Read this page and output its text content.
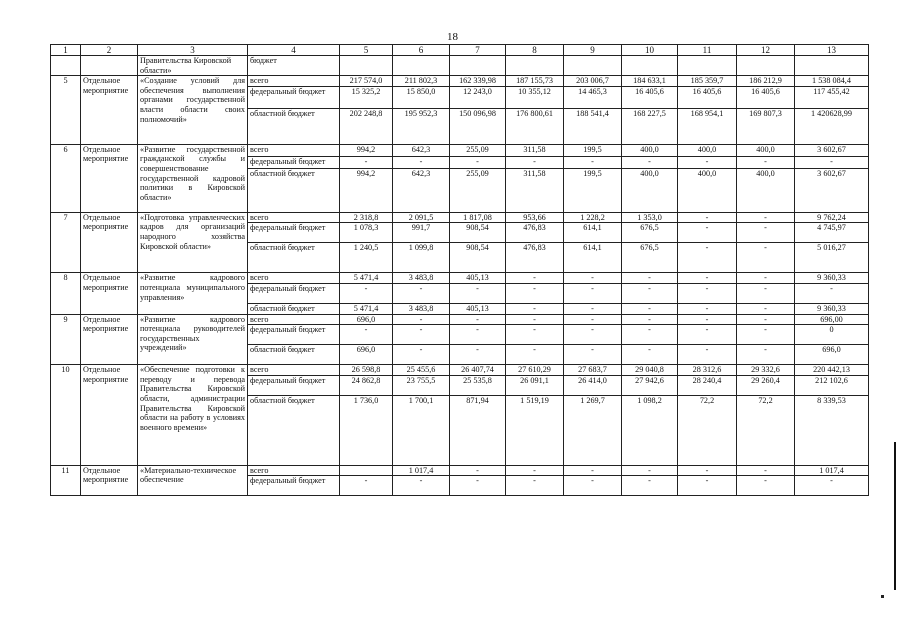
18
1	2	3	4	5	6	7	8	9	10	11	12	13
		Правительства Кировской области»	бюджет									
5	Отдельное мероприятие	«Создание условий для обеспечения выполнения органами государственной власти области своих полномочий»	всего	217 574,0	211 802,3	162 339,98	187 155,73	203 006,7	184 633,1	185 359,7	186 212,9	1 538 084,4
			федеральный бюджет	15 325,2	15 850,0	12 243,0	10 355,12	14 465,3	16 405,6	16 405,6	16 405,6	117 455,42
			областной бюджет	202 248,8	195 952,3	150 096,98	176 800,61	188 541,4	168 227,5	168 954,1	169 807,3	1 420628,99
6	Отдельное мероприятие	«Развитие государственной гражданской службы и совершенствование государственной кадровой политики в Кировской области»	всего	994,2	642,3	255,09	311,58	199,5	400,0	400,0	400,0	3 602,67
			федеральный бюджет	-	-	-	-	-	-	-	-	-
			областной бюджет	994,2	642,3	255,09	311,58	199,5	400,0	400,0	400,0	3 602,67
7	Отдельное мероприятие	«Подготовка управленческих кадров для организаций народного хозяйства Кировской области»	всего	2 318,8	2 091,5	1 817,08	953,66	1 228,2	1 353,0	-	-	9 762,24
			федеральный бюджет	1 078,3	991,7	908,54	476,83	614,1	676,5	-	-	4 745,97
			областной бюджет	1 240,5	1 099,8	908,54	476,83	614,1	676,5	-	-	5 016,27
8	Отдельное мероприятие	«Развитие кадрового потенциала муниципального управления»	всего	5 471,4	3 483,8	405,13	-	-	-	-	-	9 360,33
			федеральный бюджет	-	-	-	-	-	-	-	-	-
			областной бюджет	5 471,4	3 483,8	405,13	-	-	-	-	-	9 360,33
9	Отдельное мероприятие	«Развитие кадрового потенциала руководителей государственных учреждений»	всего	696,0	-	-	-	-	-	-	-	696,00
			федеральный бюджет	-	-	-	-	-	-	-	-	0
			областной бюджет	696,0	-	-	-	-	-	-	-	696,0
10	Отдельное мероприятие	«Обеспечение подготовки к переводу и перевода Правительства Кировской области, администрации Правительства Кировской области на работу в условиях военного времени»	всего	26 598,8	25 455,6	26 407,74	27 610,29	27 683,7	29 040,8	28 312,6	29 332,6	220 442,13
			федеральный бюджет	24 862,8	23 755,5	25 535,8	26 091,1	26 414,0	27 942,6	28 240,4	29 260,4	212 102,6
			областной бюджет	1 736,0	1 700,1	871,94	1 519,19	1 269,7	1 098,2	72,2	72,2	8 339,53
11	Отдельное мероприятие	«Материально-техническое обеспечение	всего		1 017,4	-	-	-	-	-	-	1 017,4
			федеральный бюджет	-	-	-	-	-	-	-	-	-
